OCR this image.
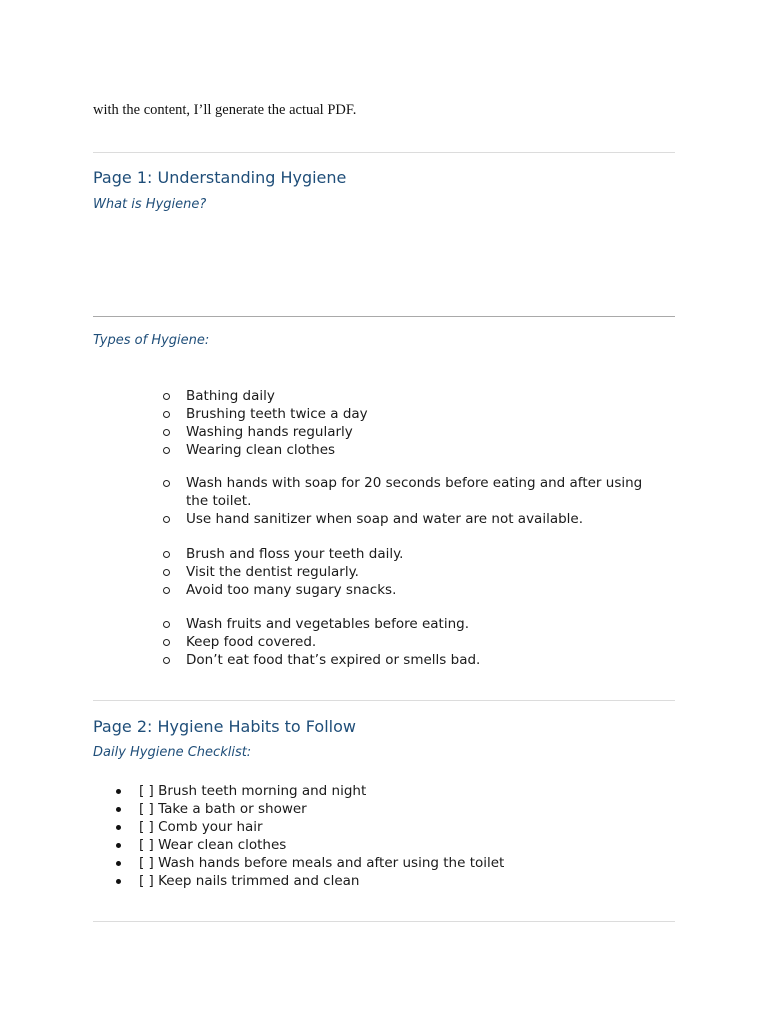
with the content, I’ll generate the actual PDF.
Page 1: Understanding Hygiene
What is Hygiene?
Types of Hygiene:
Bathing daily
Brushing teeth twice a day
Washing hands regularly
Wearing clean clothes
Wash hands with soap for 20 seconds before eating and after using the toilet.
Use hand sanitizer when soap and water are not available.
Brush and floss your teeth daily.
Visit the dentist regularly.
Avoid too many sugary snacks.
Wash fruits and vegetables before eating.
Keep food covered.
Don’t eat food that’s expired or smells bad.
Page 2: Hygiene Habits to Follow
Daily Hygiene Checklist:
[ ] Brush teeth morning and night
[ ] Take a bath or shower
[ ] Comb your hair
[ ] Wear clean clothes
[ ] Wash hands before meals and after using the toilet
[ ] Keep nails trimmed and clean
